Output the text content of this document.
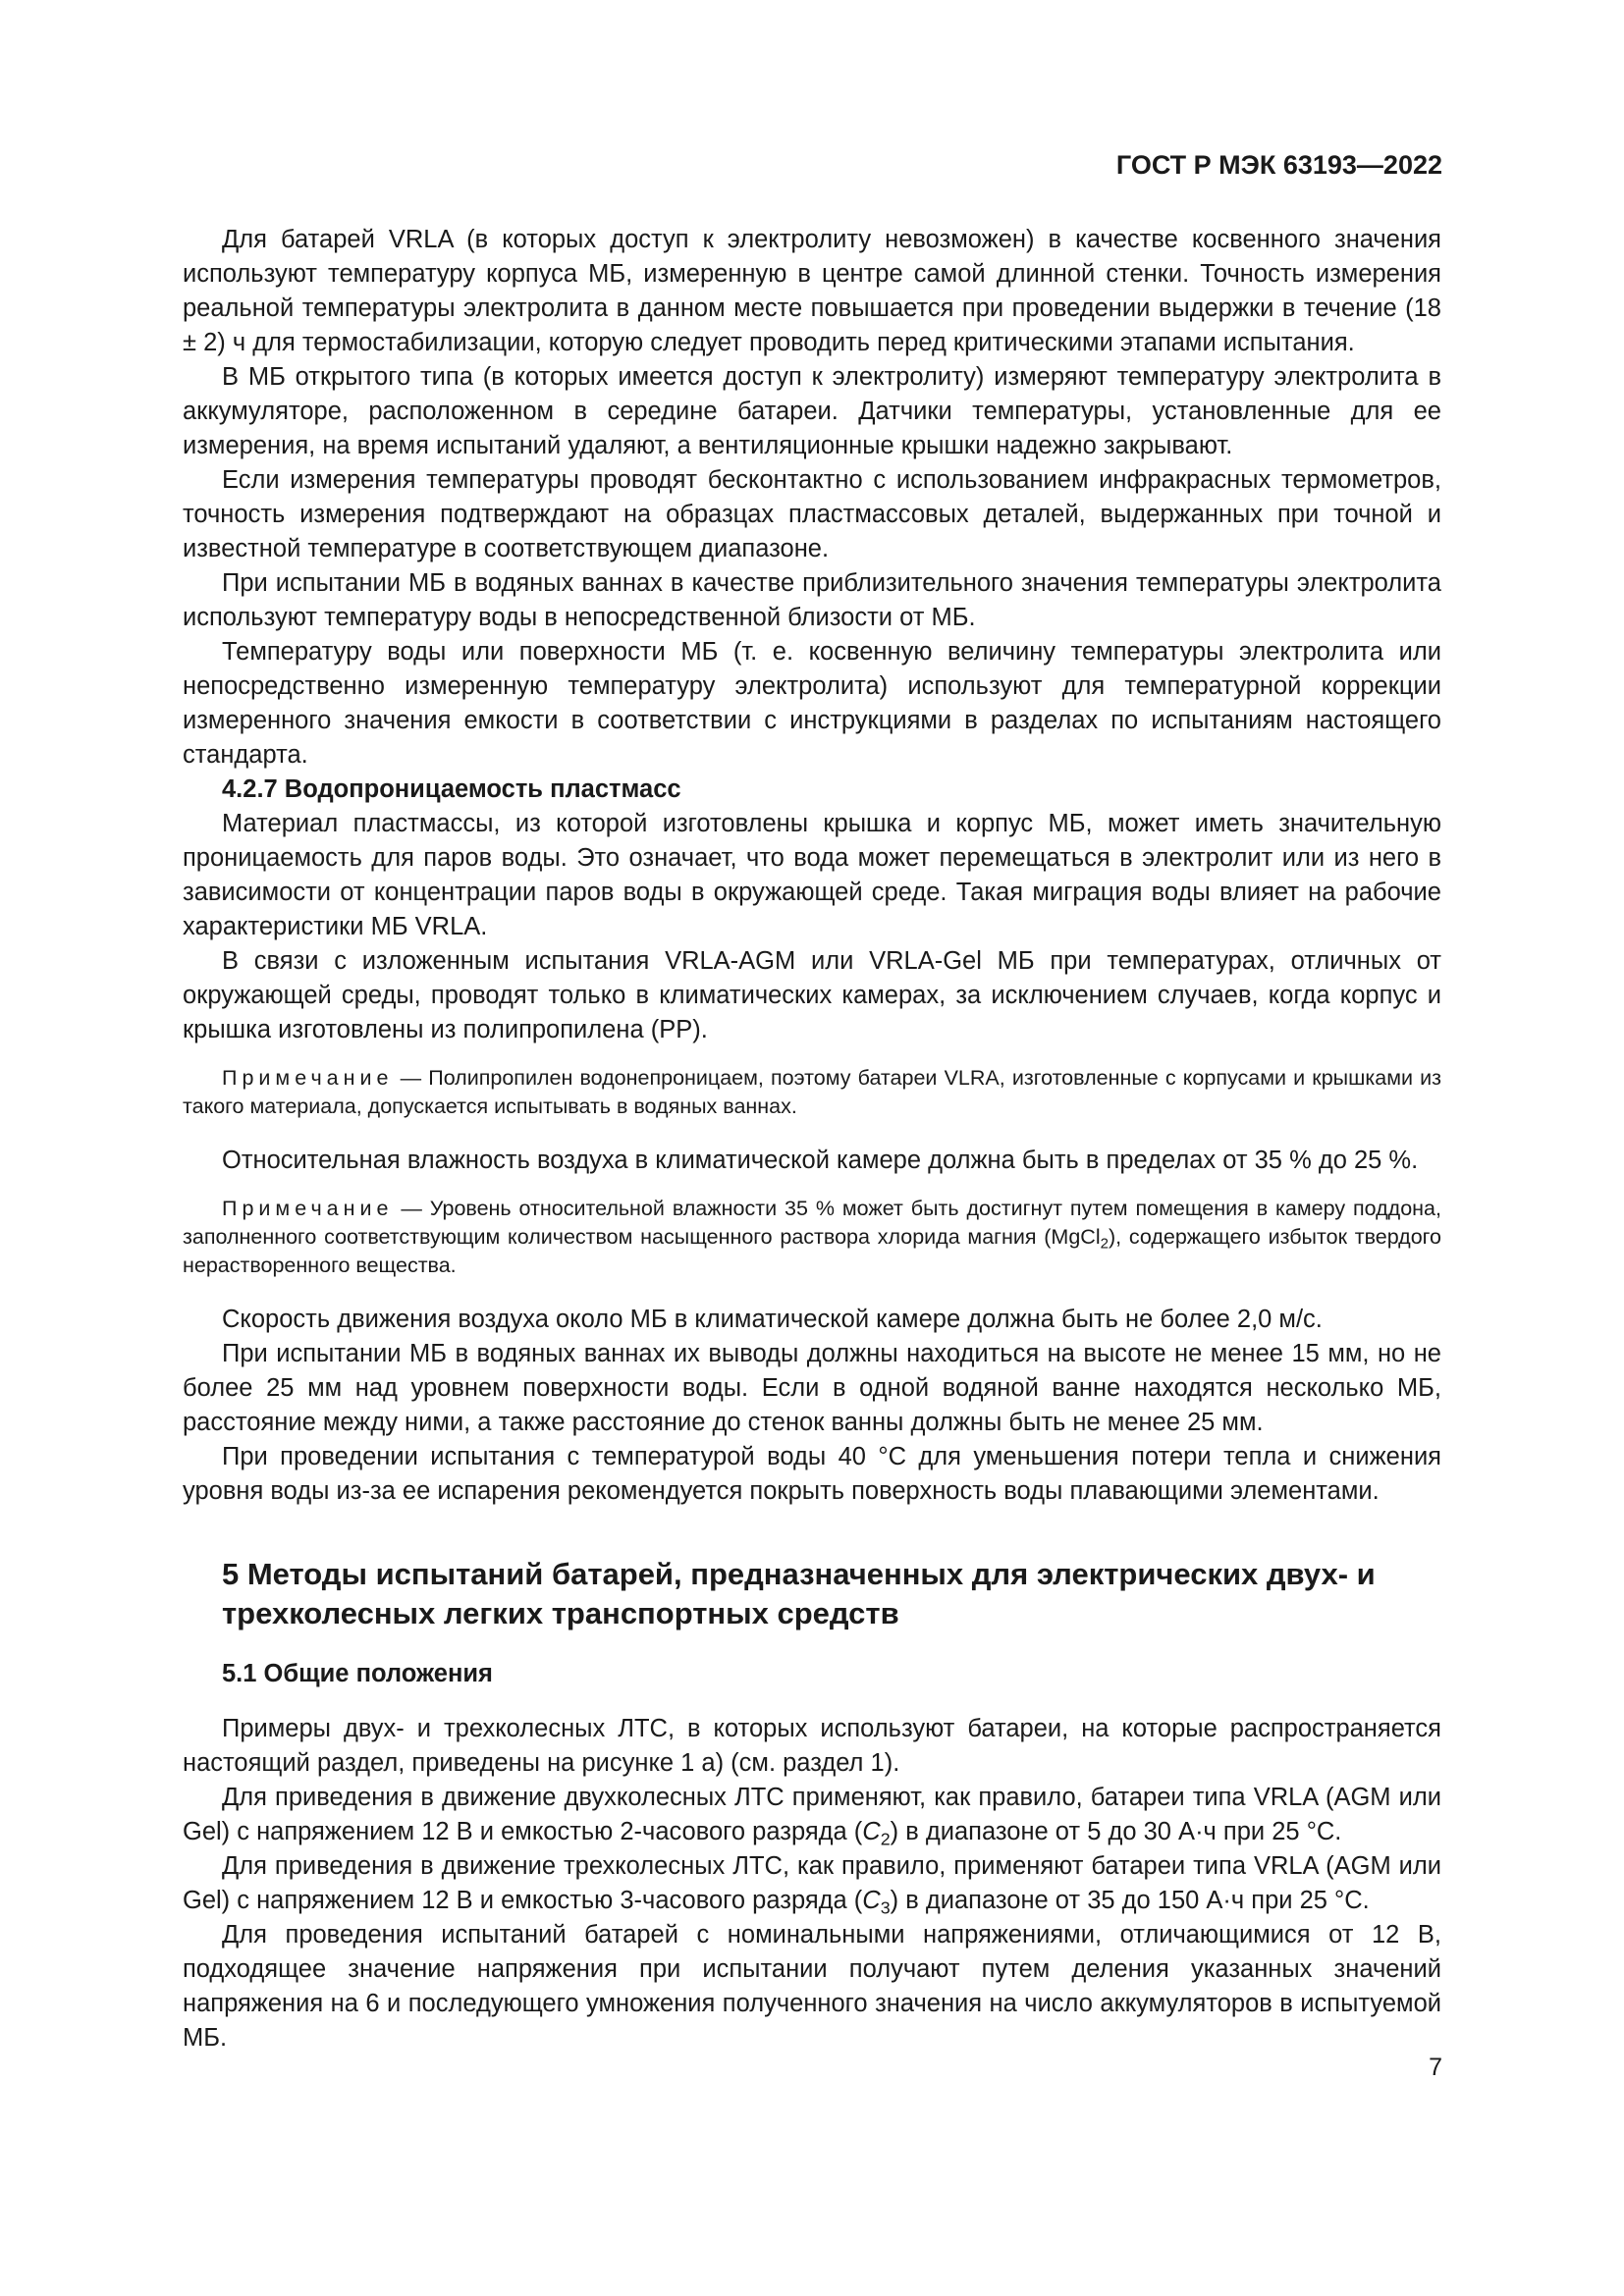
ГОСТ Р МЭК 63193—2022

Для батарей VRLA (в которых доступ к электролиту невозможен) в качестве косвенного значения используют температуру корпуса МБ, измеренную в центре самой длинной стенки. Точность измерения реальной температуры электролита в данном месте повышается при проведении выдержки в течение (18 ± 2) ч для термостабилизации, которую следует проводить перед критическими этапами испытания.

В МБ открытого типа (в которых имеется доступ к электролиту) измеряют температуру электролита в аккумуляторе, расположенном в середине батареи. Датчики температуры, установленные для ее измерения, на время испытаний удаляют, а вентиляционные крышки надежно закрывают.

Если измерения температуры проводят бесконтактно с использованием инфракрасных термометров, точность измерения подтверждают на образцах пластмассовых деталей, выдержанных при точной и известной температуре в соответствующем диапазоне.

При испытании МБ в водяных ваннах в качестве приблизительного значения температуры электролита используют температуру воды в непосредственной близости от МБ.

Температуру воды или поверхности МБ (т. е. косвенную величину температуры электролита или непосредственно измеренную температуру электролита) используют для температурной коррекции измеренного значения емкости в соответствии с инструкциями в разделах по испытаниям настоящего стандарта.

4.2.7 Водопроницаемость пластмасс

Материал пластмассы, из которой изготовлены крышка и корпус МБ, может иметь значительную проницаемость для паров воды. Это означает, что вода может перемещаться в электролит или из него в зависимости от концентрации паров воды в окружающей среде. Такая миграция воды влияет на рабочие характеристики МБ VRLA.

В связи с изложенным испытания VRLA-AGM или VRLA-Gel МБ при температурах, отличных от окружающей среды, проводят только в климатических камерах, за исключением случаев, когда корпус и крышка изготовлены из полипропилена (PP).

Примечание — Полипропилен водонепроницаем, поэтому батареи VLRA, изготовленные с корпусами и крышками из такого материала, допускается испытывать в водяных ваннах.

Относительная влажность воздуха в климатической камере должна быть в пределах от 35 % до 25 %.

Примечание — Уровень относительной влажности 35 % может быть достигнут путем помещения в камеру поддона, заполненного соответствующим количеством насыщенного раствора хлорида магния (MgCl$_2$), содержащего избыток твердого нерастворенного вещества.

Скорость движения воздуха около МБ в климатической камере должна быть не более 2,0 м/с.

При испытании МБ в водяных ваннах их выводы должны находиться на высоте не менее 15 мм, но не более 25 мм над уровнем поверхности воды. Если в одной водяной ванне находятся несколько МБ, расстояние между ними, а также расстояние до стенок ванны должны быть не менее 25 мм.

При проведении испытания с температурой воды 40 °С для уменьшения потери тепла и снижения уровня воды из-за ее испарения рекомендуется покрыть поверхность воды плавающими элементами.

5 Методы испытаний батарей, предназначенных для электрических двух- и трехколесных легких транспортных средств
5.1 Общие положения

Примеры двух- и трехколесных ЛТС, в которых используют батареи, на которые распространяется настоящий раздел, приведены на рисунке 1 а) (см. раздел 1).

Для приведения в движение двухколесных ЛТС применяют, как правило, батареи типа VRLA (AGM или Gel) с напряжением 12 В и емкостью 2-часового разряда $(C_2)$ в диапазоне от 5 до 30 А·ч при 25 °С.

Для приведения в движение трехколесных ЛТС, как правило, применяют батареи типа VRLA (AGM или Gel) с напряжением 12 В и емкостью 3-часового разряда $(C_3)$ в диапазоне от 35 до 150 А·ч при 25 °С.

Для проведения испытаний батарей с номинальными напряжениями, отличающимися от 12 В, подходящее значение напряжения при испытании получают путем деления указанных значений напряжения на 6 и последующего умножения полученного значения на число аккумуляторов в испытуемой МБ.

7
